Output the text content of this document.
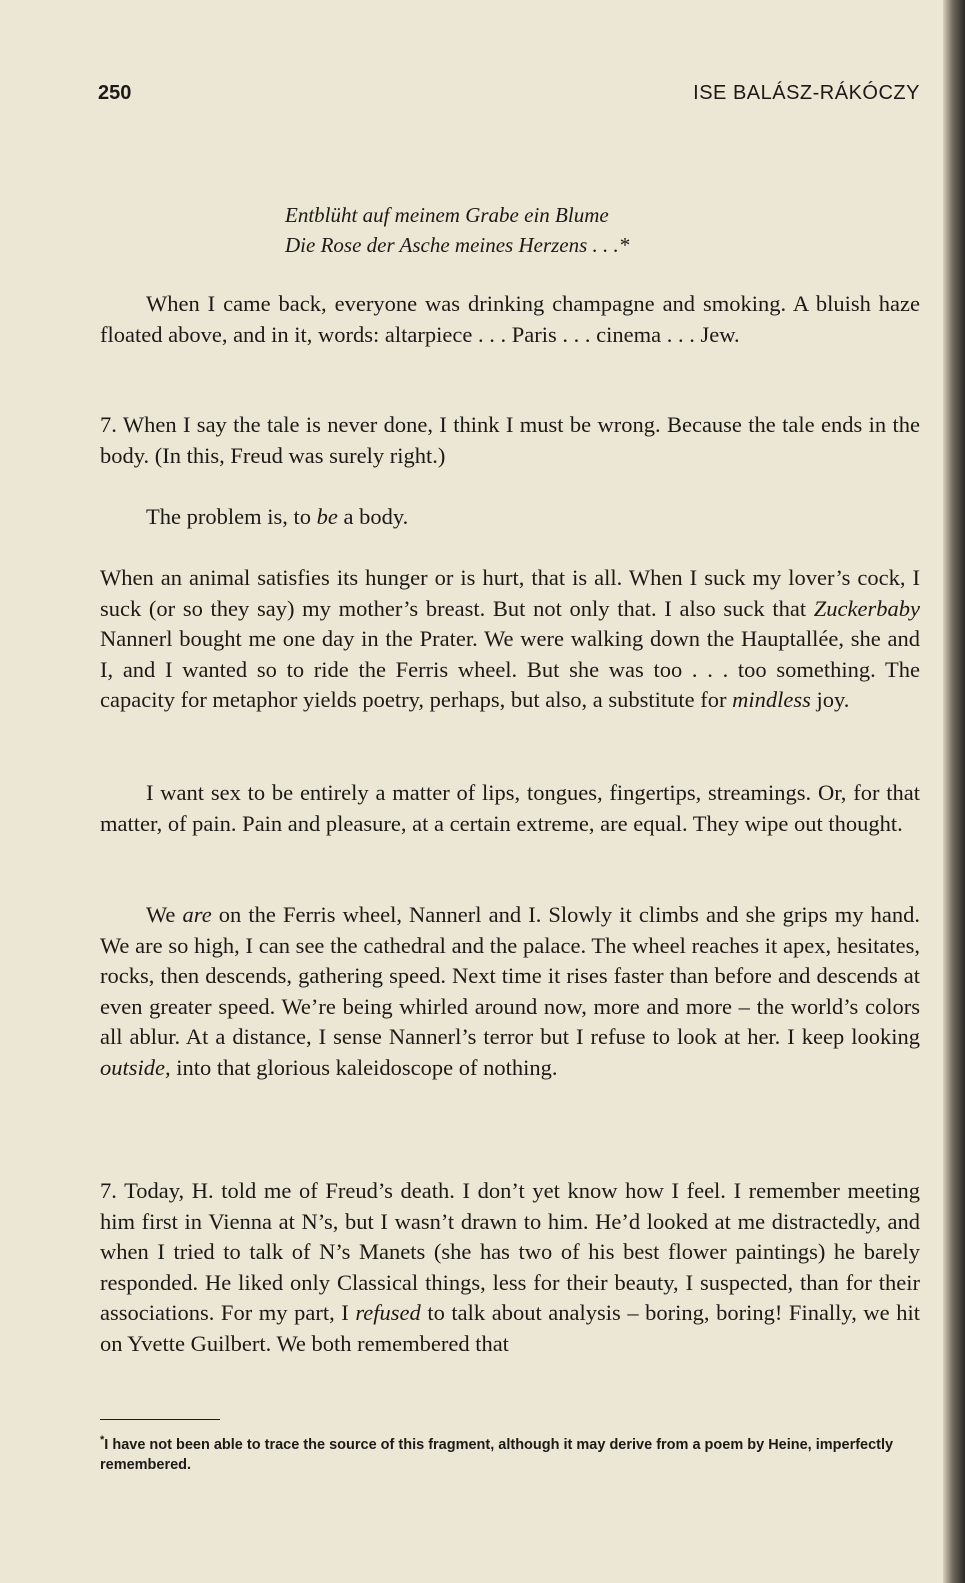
250	ISE BALÁSZ-RÁKÓCZY
Entblüht auf meinem Grabe ein Blume
Die Rose der Asche meines Herzens . . .*
When I came back, everyone was drinking champagne and smoking. A bluish haze floated above, and in it, words: altarpiece . . . Paris . . . cinema . . . Jew.
7. When I say the tale is never done, I think I must be wrong. Because the tale ends in the body. (In this, Freud was surely right.)
The problem is, to be a body.
When an animal satisfies its hunger or is hurt, that is all. When I suck my lover’s cock, I suck (or so they say) my mother’s breast. But not only that. I also suck that Zuckerbaby Nannerl bought me one day in the Prater. We were walking down the Hauptallée, she and I, and I wanted so to ride the Ferris wheel. But she was too . . . too something. The capacity for metaphor yields poetry, perhaps, but also, a substitute for mindless joy.
I want sex to be entirely a matter of lips, tongues, fingertips, streamings. Or, for that matter, of pain. Pain and pleasure, at a certain extreme, are equal. They wipe out thought.
We are on the Ferris wheel, Nannerl and I. Slowly it climbs and she grips my hand. We are so high, I can see the cathedral and the palace. The wheel reaches it apex, hesitates, rocks, then descends, gathering speed. Next time it rises faster than before and descends at even greater speed. We’re being whirled around now, more and more – the world’s colors all ablur. At a distance, I sense Nannerl’s terror but I refuse to look at her. I keep looking outside, into that glorious kaleidoscope of nothing.
7. Today, H. told me of Freud’s death. I don’t yet know how I feel. I remember meeting him first in Vienna at N’s, but I wasn’t drawn to him. He’d looked at me distractedly, and when I tried to talk of N’s Manets (she has two of his best flower paintings) he barely responded. He liked only Classical things, less for their beauty, I suspected, than for their associations. For my part, I refused to talk about analysis – boring, boring! Finally, we hit on Yvette Guilbert. We both remembered that
*I have not been able to trace the source of this fragment, although it may derive from a poem by Heine, imperfectly remembered.
